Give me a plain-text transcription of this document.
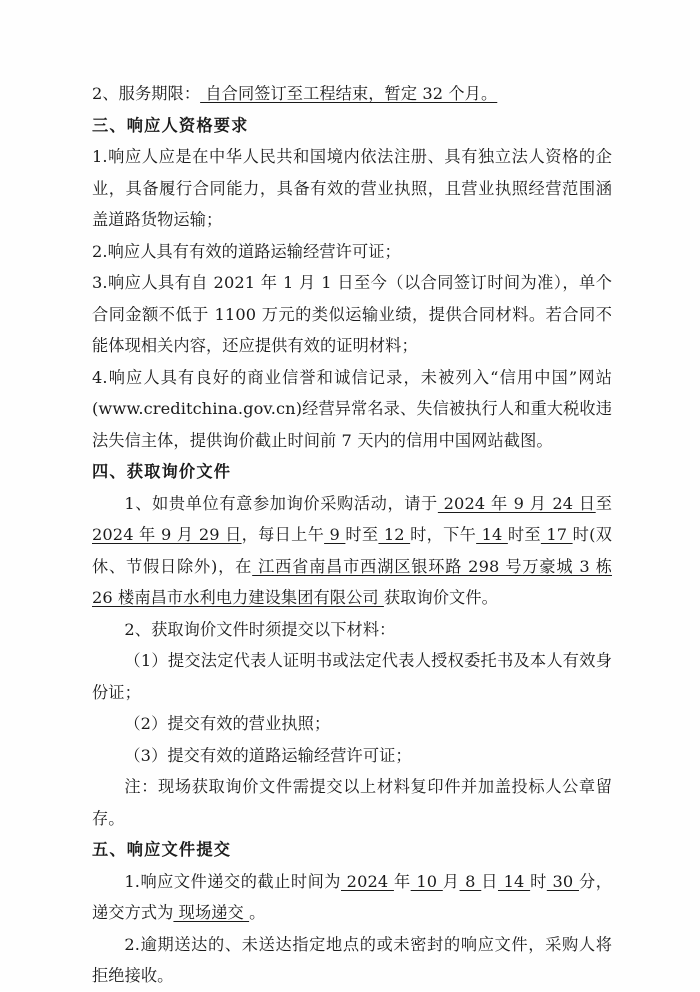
2、服务期限： 自合同签订至工程结束，暂定 32 个月。

三、响应人资格要求

1.响应人应是在中华人民共和国境内依法注册、具有独立法人资格的企业，具备履行合同能力，具备有效的营业执照，且营业执照经营范围涵盖道路货物运输；

2.响应人具有有效的道路运输经营许可证；

3.响应人具有自 2021 年 1 月 1 日至今（以合同签订时间为准），单个合同金额不低于 1100 万元的类似运输业绩，提供合同材料。若合同不能体现相关内容，还应提供有效的证明材料；

4.响应人具有良好的商业信誉和诚信记录，未被列入“信用中国”网站(www.creditchina.gov.cn)经营异常名录、失信被执行人和重大税收违法失信主体，提供询价截止时间前 7 天内的信用中国网站截图。

四、获取询价文件

1、如贵单位有意参加询价采购活动，请于 2024 年 9 月 24 日至 2024 年 9 月 29 日，每日上午 9 时至 12 时，下午 14 时至 17 时(双休、节假日除外)，在 江西省南昌市西湖区银环路 298 号万豪城 3 栋 26 楼南昌市水利电力建设集团有限公司 获取询价文件。

2、获取询价文件时须提交以下材料：

（1）提交法定代表人证明书或法定代表人授权委托书及本人有效身份证；

（2）提交有效的营业执照；

（3）提交有效的道路运输经营许可证；

注：现场获取询价文件需提交以上材料复印件并加盖投标人公章留存。

五、响应文件提交

1.响应文件递交的截止时间为 2024 年 10 月 8 日 14 时 30 分，递交方式为 现场递交 。

2.逾期送达的、未送达指定地点的或未密封的响应文件，采购人将拒绝接收。
